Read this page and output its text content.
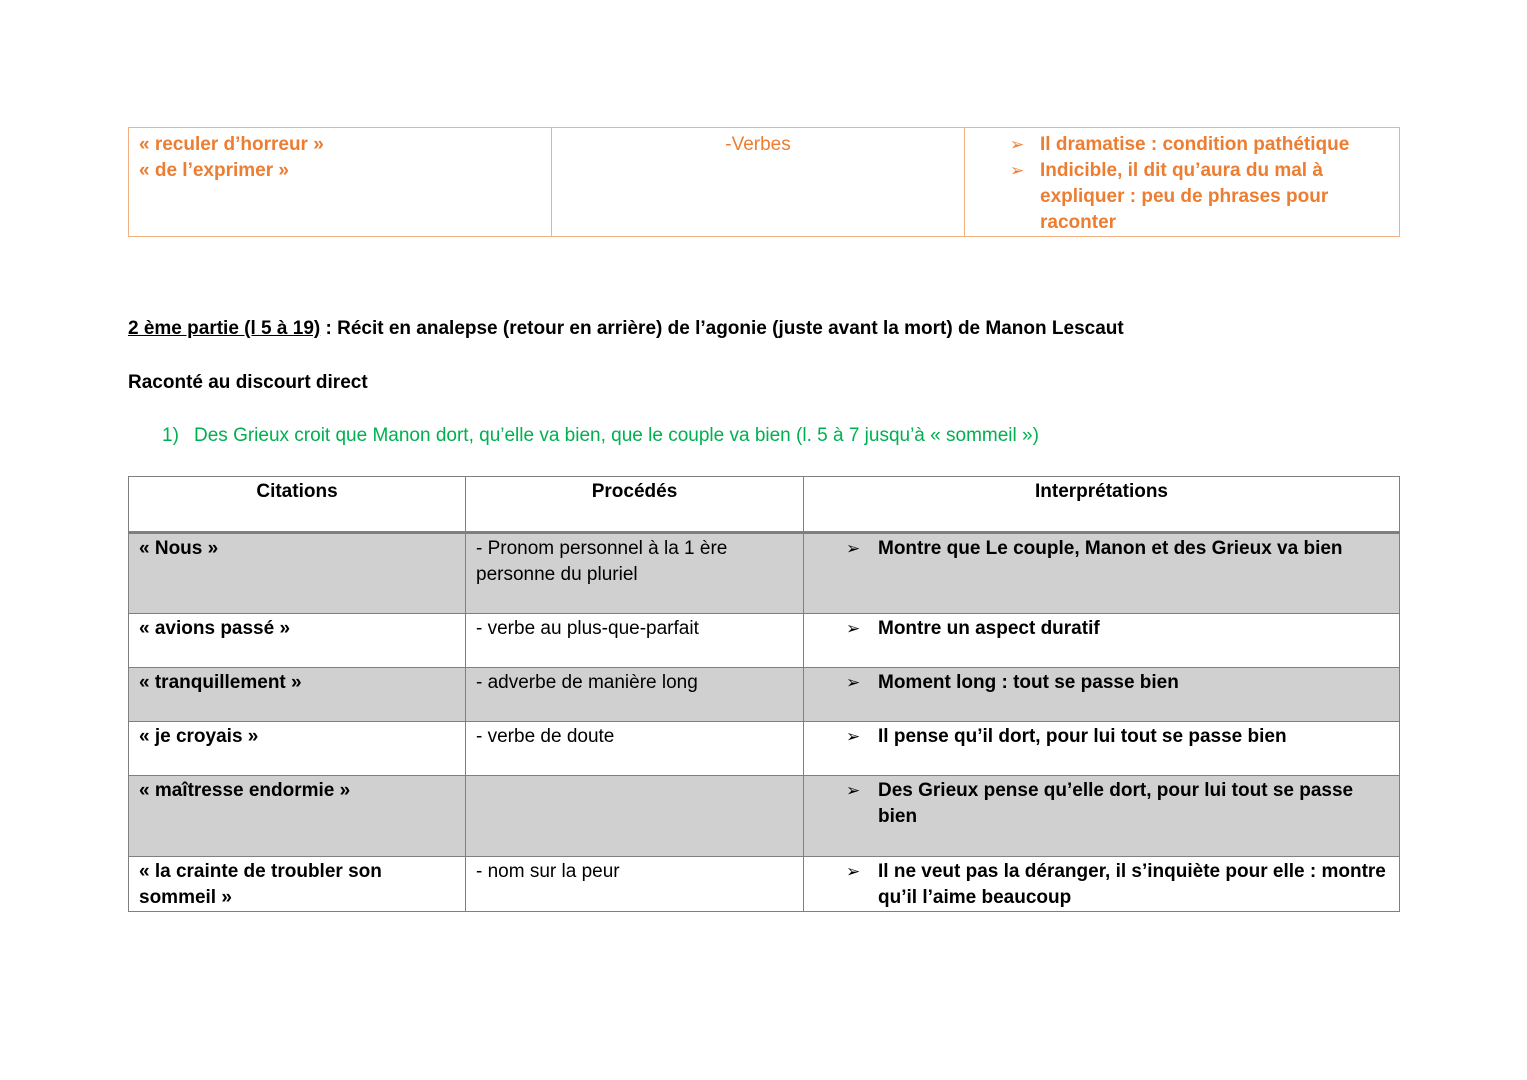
« reculer d’horreur »
« de l’exprimer »
	-Verbes	➢ Il dramatise : condition pathétique
➢ Indicible, il dit qu’aura du mal à expliquer : peu de phrases pour raconter
2 ème partie (l 5 à 19) : Récit en analepse (retour en arrière) de l’agonie (juste avant la mort) de Manon Lescaut
Raconté au discourt direct
1) Des Grieux croit que Manon dort, qu’elle va bien, que le couple va bien (l. 5 à 7 jusqu’à « sommeil »)
Citations	Procédés	Interprétations
« Nous »	- Pronom personnel à la 1 ère personne du pluriel	➢ Montre que Le couple, Manon et des Grieux va bien

« avions passé »	- verbe au plus-que-parfait	➢ Montre un aspect duratif

« tranquillement »	- adverbe de manière long	➢ Moment long : tout se passe bien

« je croyais »	- verbe de doute	➢ Il pense qu’il dort, pour lui tout se passe bien

« maîtresse endormie »		➢ Des Grieux pense qu’elle dort, pour lui tout se passe bien

« la crainte de troubler son sommeil »	- nom sur la peur	➢ Il ne veut pas la déranger, il s’inquiète pour elle : montre qu’il l’aime beaucoup
